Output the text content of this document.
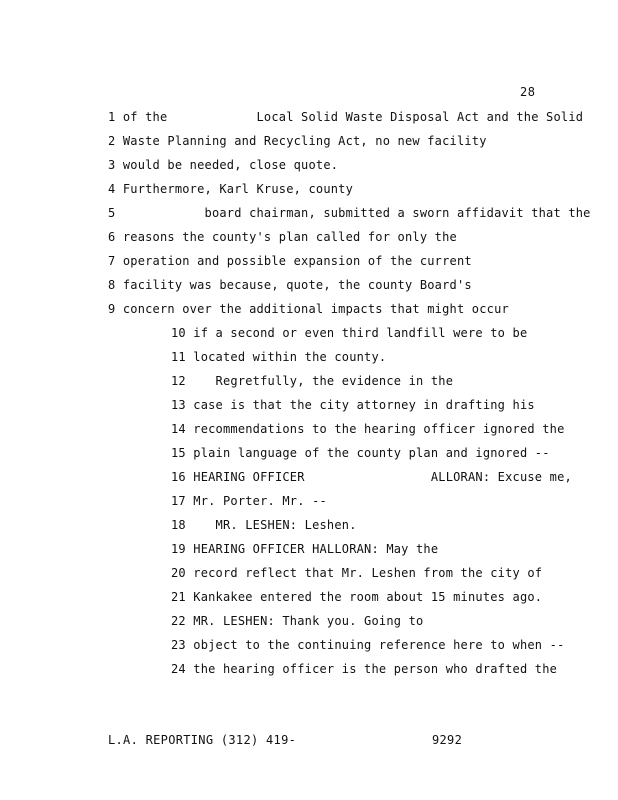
28
1 of the            Local Solid Waste Disposal Act and the Solid
2 Waste Planning and Recycling Act, no new facility
3 would be needed, close quote.
4 Furthermore, Karl Kruse, county
5            board chairman, submitted a sworn affidavit that the
6 reasons the county's plan called for only the
7 operation and possible expansion of the current
8 facility was because, quote, the county Board's
9 concern over the additional impacts that might occur
10 if a second or even third landfill were to be
11 located within the county.
12    Regretfully, the evidence in the
13 case is that the city attorney in drafting his
14 recommendations to the hearing officer ignored the
15 plain language of the county plan and ignored --
16 HEARING OFFICER                 ALLORAN: Excuse me,
17 Mr. Porter. Mr. --
18    MR. LESHEN: Leshen.
19 HEARING OFFICER HALLORAN: May the
20 record reflect that Mr. Leshen from the city of
21 Kankakee entered the room about 15 minutes ago.
22 MR. LESHEN: Thank you. Going to
23 object to the continuing reference here to when --
24 the hearing officer is the person who drafted the
L.A. REPORTING (312) 419-	9292
